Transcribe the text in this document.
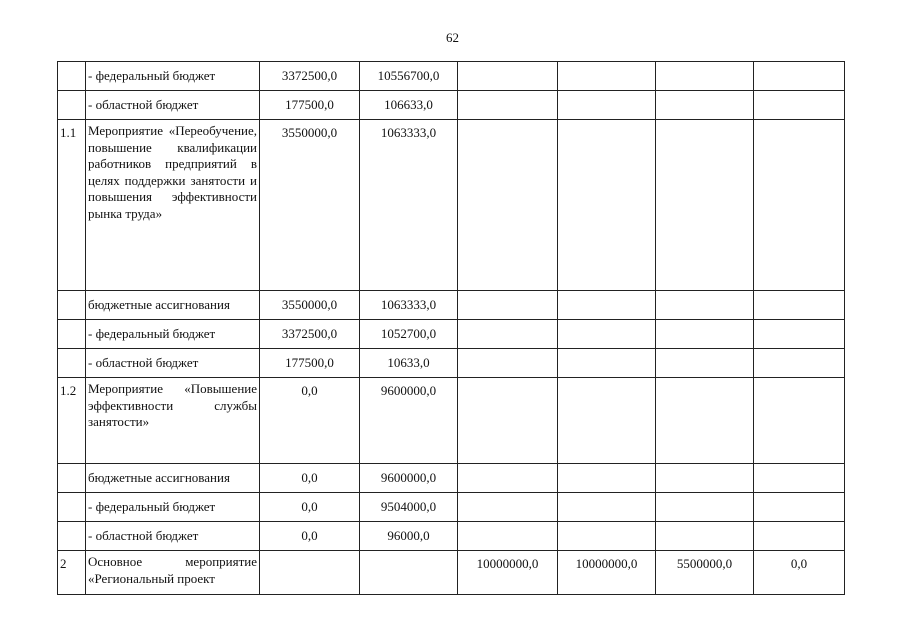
62
	- федеральный бюджет	3372500,0	10556700,0				
	- областной бюджет	177500,0	106633,0				
1.1	Мероприятие «Переобучение, повышение квалификации работников предприятий в целях поддержки занятости и повышения эффективности рынка труда»	3550000,0	1063333,0				
	бюджетные ассигнования	3550000,0	1063333,0				
	- федеральный бюджет	3372500,0	1052700,0				
	- областной бюджет	177500,0	10633,0				
1.2	Мероприятие «Повышение эффективности службы занятости»	0,0	9600000,0				
	бюджетные ассигнования	0,0	9600000,0				
	- федеральный бюджет	0,0	9504000,0				
	- областной бюджет	0,0	96000,0				
2	Основное мероприятие «Региональный проект			10000000,0	10000000,0	5500000,0	0,0
